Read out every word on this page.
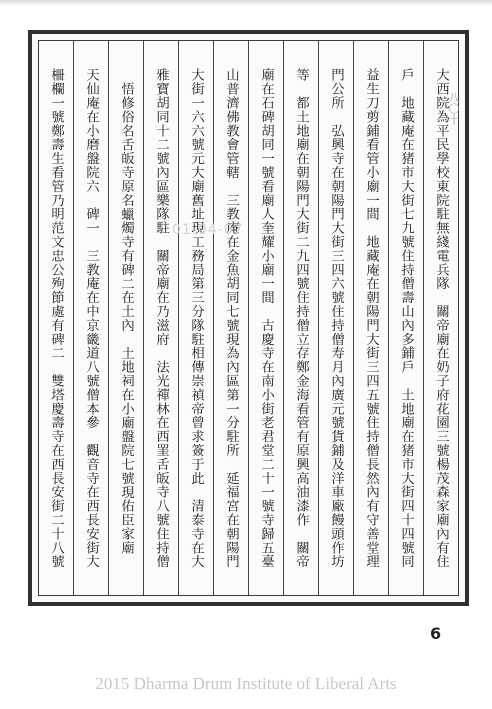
大西院為平民學校東院駐無綫電兵隊　關帝廟在奶子府花園三號楊茂森家廟內有住
戶　地藏庵在猪市大街七九號住持僧壽山內多鋪戶　土地廟在猪市大街四十四號同
益生刀剪鋪看管小廟一間　地藏庵在朝陽門大街三四五號住持僧長然內有守善堂理
門公所　弘興寺在朝陽門大街三四六號住持僧寿月內廣元號貨鋪及洋車廠饅頭作坊
等　都土地廟在朝陽門大街二九四號住持僧立存鄭金海看管有原興高油漆作　關帝
廟在石碑胡同一號看廟人奎耀小廟一間　古慶寺在南小街老君堂二十一號寺歸五臺
山普濟佛教會管轄　三教庵在金魚胡同七號現為內區第一分駐所　延福宮在朝陽門
大街一六六號元大廟舊址現工務局第三分隊駐相傳崇禎帝曾求簽于此　清泰寺在大
雅寶胡同十二號內區樂隊駐　關帝廟在乃滋府　法光禪林在西罣舌皈寺八號住持僧
悟修俗名舌皈寺原名蠟燭寺有碑二在土內　土地祠在小廟盤院七號現佑臣家廟
天仙庵在小磨盤院六　碑一　三教庵在中京畿道八號僧本參　觀音寺在西長安街大
柵欄一號鄭壽生看管乃明范文忠公殉節處有碑二　雙塔慶壽寺在西長安街二十八號	八〇十
01-04-07
6
2015 Dharma Drum Institute of Liberal Arts
